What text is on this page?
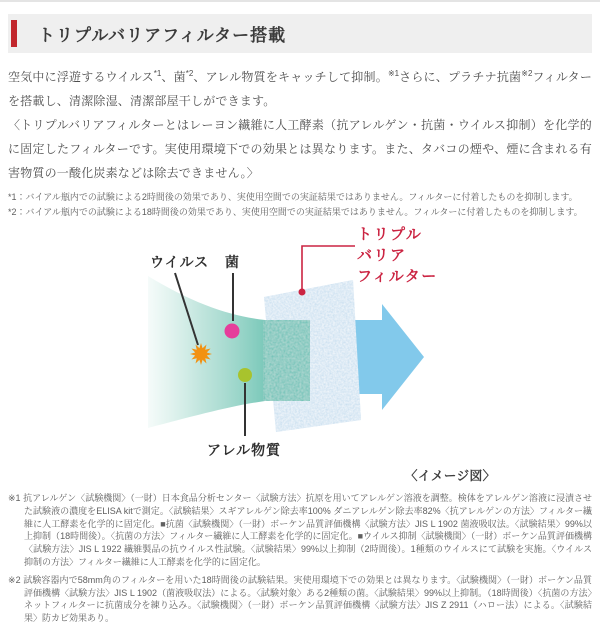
トリプルバリアフィルター搭載

空気中に浮遊するウイルス$^{*1}$、菌$^{*2}$、アレル物質をキャッチして抑制。$^{※1}$さらに、プラチナ抗菌$^{※2}$フィルターを搭載し、清潔除湿、清潔部屋干しができます。

〈トリプルバリアフィルターとはレーヨン繊維に人工酵素（抗アレルゲン・抗菌・ウイルス抑制）を化学的に固定したフィルターです。実使用環境下での効果とは異なります。また、タバコの煙や、煙に含まれる有害物質の一酸化炭素などは除去できません。〉

*1：バイアル瓶内での試験による2時間後の効果であり、実使用空間での実証結果ではありません。フィルターに付着したものを抑制します。

*2：バイアル瓶内での試験による18時間後の効果であり、実使用空間での実証結果ではありません。フィルターに付着したものを抑制します。

ウイルス 菌
アレル物質
トリプル
バリア
フィルター
〈イメージ図〉

※1 抗アレルゲン〈試験機関〉（一財）日本食品分析センター〈試験方法〉抗原を用いてアレルゲン溶液を調整。検体をアレルゲン溶液に浸漬させた試験液の濃度をELISA kitで測定。〈試験結果〉スギアレルゲン除去率100% ダニアレルゲン除去率82%〈抗アレルゲンの方法〉フィルター繊維に人工酵素を化学的に固定化。■抗菌〈試験機関〉（一財）ボーケン品質評価機構〈試験方法〉JIS L 1902 菌液吸収法。〈試験結果〉99%以上抑制（18時間後）。〈抗菌の方法〉フィルター繊維に人工酵素を化学的に固定化。■ウイルス抑制〈試験機関〉（一財）ボーケン品質評価機構〈試験方法〉JIS L 1922 繊維製品の抗ウイルス性試験。〈試験結果〉99%以上抑制（2時間後）。1種類のウイルスにて試験を実施。〈ウイルス抑制の方法〉フィルター繊維に人工酵素を化学的に固定化。

※2 試験容器内で58mm角のフィルターを用いた18時間後の試験結果。実使用環境下での効果とは異なります。〈試験機関〉（一財）ボーケン品質評価機構〈試験方法〉JIS L 1902（菌液吸収法）による。〈試験対象〉ある2種類の菌。〈試験結果〉99%以上抑制。（18時間後）〈抗菌の方法〉ネットフィルターに抗菌成分を練り込み。〈試験機関〉（一財）ボーケン品質評価機構〈試験方法〉JIS Z 2911（ハロー法）による。〈試験結果〉防カビ効果あり。
